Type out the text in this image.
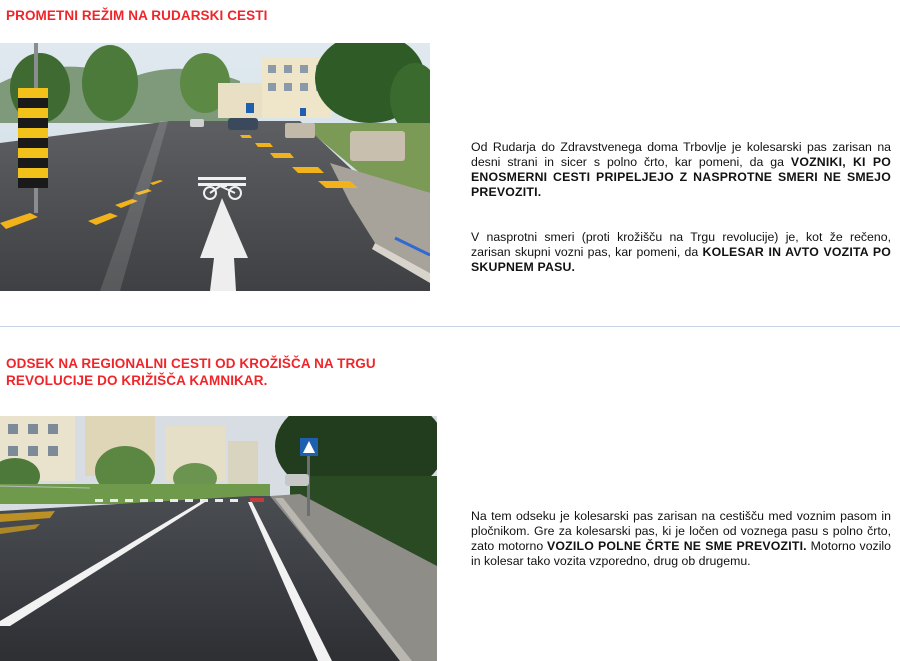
PROMETNI REŽIM NA RUDARSKI CESTI

Od Rudarja do Zdravstvenega doma Trbovlje je kolesarski pas zarisan na desni strani in sicer s polno črto, kar pomeni, da ga VOZNIKI, KI PO ENOSMERNI CESTI PRIPELJEJO Z NASPROTNE SMERI NE SMEJO PREVOZITI.

V nasprotni smeri (proti krožišču na Trgu revolucije) je, kot že rečeno, zarisan skupni vozni pas, kar pomeni, da KOLESAR IN AVTO VOZITA PO SKUPNEM PASU.

ODSEK NA REGIONALNI CESTI OD KROŽIŠČA NA TRGU REVOLUCIJE DO KRIŽIŠČA KAMNIKAR.

Na tem odseku je kolesarski pas zarisan na cestišču med voznim pasom in pločnikom. Gre za kolesarski pas, ki je ločen od voznega pasu s polno črto, zato motorno VOZILO POLNE ČRTE NE SME PREVOZITI. Motorno vozilo in kolesar tako vozita vzporedno, drug ob drugemu.
